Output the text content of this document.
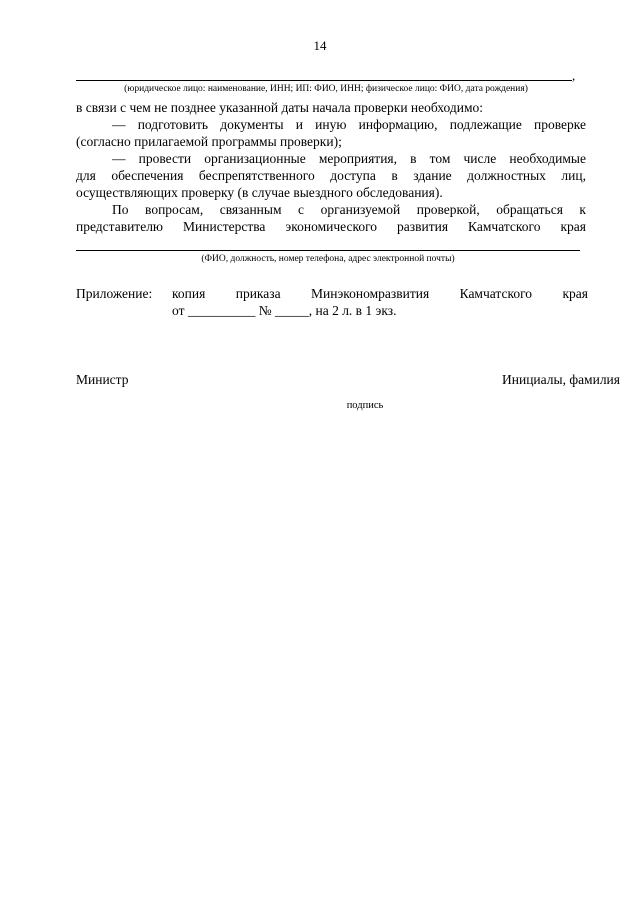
14
,
(юридическое лицо: наименование, ИНН; ИП: ФИО, ИНН; физическое лицо: ФИО, дата рождения)
в связи с чем не позднее указанной даты начала проверки необходимо:
— подготовить документы и иную информацию, подлежащие проверке
(согласно прилагаемой программы проверки);
— провести организационные мероприятия, в том числе необходимые
для обеспечения беспрепятственного доступа в здание должностных лиц,
осуществляющих проверку (в случае выездного обследования).
По вопросам, связанным с организуемой проверкой, обращаться к
представителю Министерства экономического развития Камчатского края
(ФИО, должность, номер телефона, адрес электронной почты)
Приложение: копия приказа Минэкономразвития Камчатского края
от __________ № _____, на 2 л. в 1 экз.
Министр	Инициалы, фамилия
подпись
